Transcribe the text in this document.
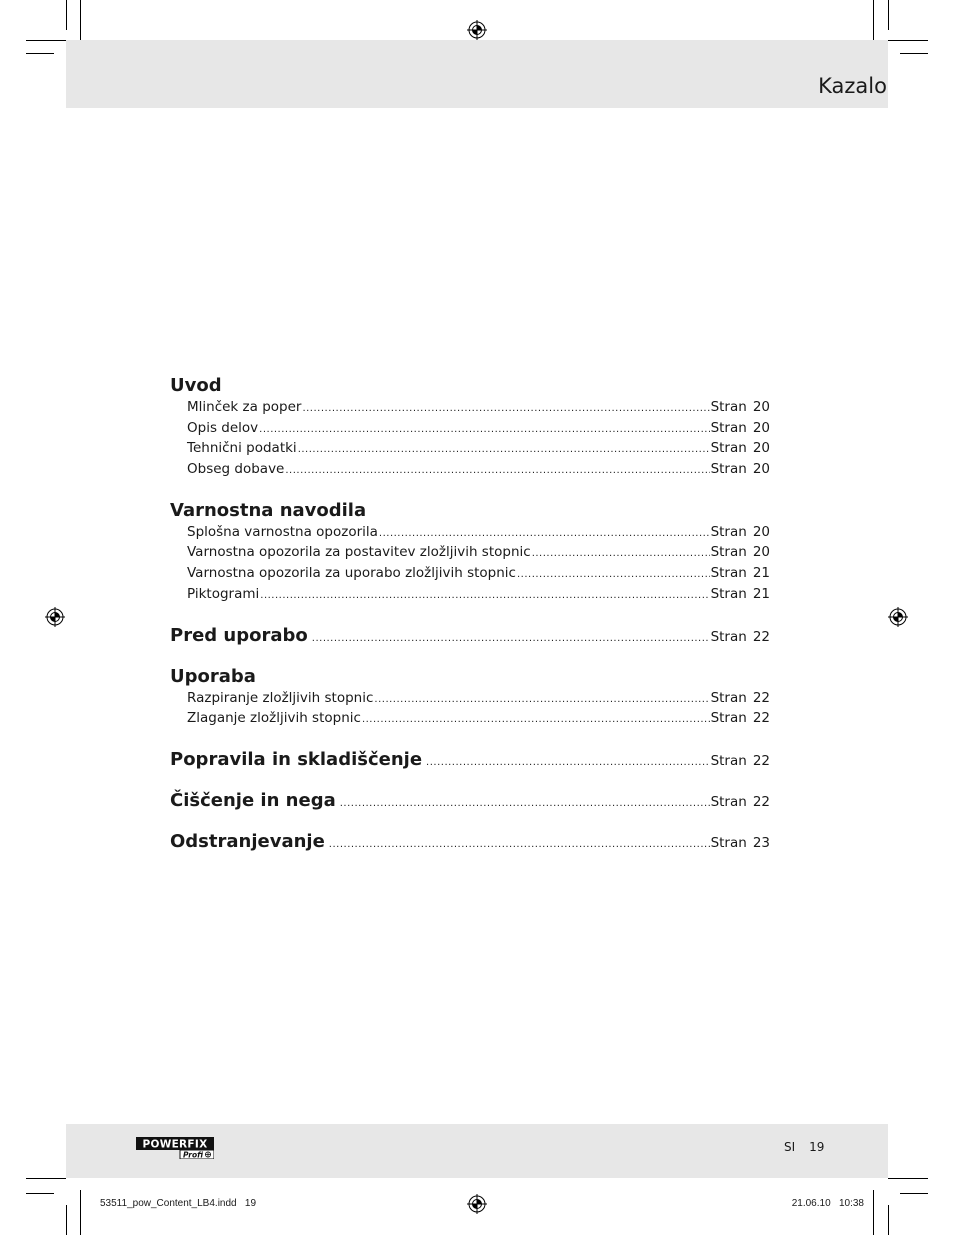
Kazalo
Uvod
Mlinček za poper .....	Stran 20
Opis delov .....	Stran 20
Tehnični podatki .....	Stran 20
Obseg dobave .....	Stran 20
Varnostna navodila
Splošna varnostna opozorila .....	Stran 20
Varnostna opozorila za postavitev zložljivih stopnic .....	Stran 20
Varnostna opozorila za uporabo zložljivih stopnic .....	Stran 21
Piktogrami .....	Stran 21
Pred uporabo .....	Stran 22
Uporaba
Razpiranje zložljivih stopnic .....	Stran 22
Zlaganje zložljivih stopnic .....	Stran 22
Popravila in skladiščenje .....	Stran 22
Čiščenje in nega .....	Stran 22
Odstranjevanje .....	Stran 23
POWERFIX
Profi
SI 19
53511_pow_Content_LB4.indd   19	21.06.10   10:38
